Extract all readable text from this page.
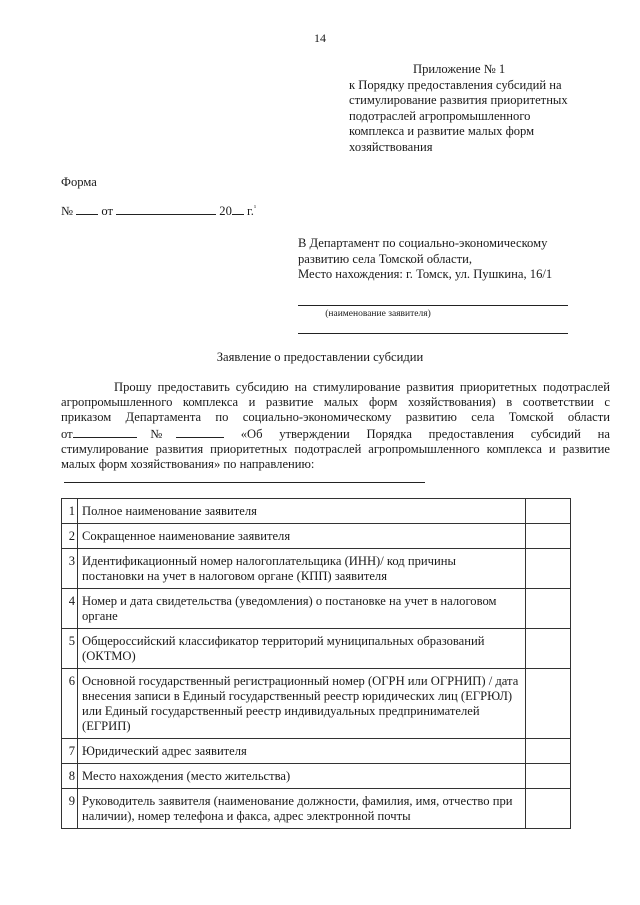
14
Приложение № 1
к Порядку предоставления субсидий на
стимулирование развития приоритетных
подотраслей агропромышленного
комплекса и развитие малых форм
хозяйствования
Форма
№ от	20 г.$^{^1}$
В Департамент по социально-экономическому
развитию села Томской области,
Место нахождения: г. Томск, ул. Пушкина, 16/1
(наименование заявителя)
Заявление о предоставлении субсидии
Прошу предоставить субсидию на стимулирование развития приоритетных подотраслей
агропромышленного комплекса и развитие малых форм хозяйствования) в соответствии с
приказом Департамента по социально-экономическому развитию села Томской области
от	№	«Об утверждении Порядка предоставления субсидий на
стимулирование развития приоритетных подотраслей агропромышленного комплекса и развитие
малых форм хозяйствования» по направлению:
1	Полное наименование заявителя	
2	Сокращенное наименование заявителя	
3	Идентификационный номер налогоплательщика (ИНН)/ код причины постановки на учет в налоговом органе (КПП) заявителя	
4	Номер и дата свидетельства (уведомления) о постановке на учет в налоговом органе	
5	Общероссийский классификатор территорий муниципальных образований (ОКТМО)	
6	Основной государственный регистрационный номер (ОГРН или ОГРНИП) / дата внесения записи в Единый государственный реестр юридических лиц (ЕГРЮЛ) или Единый государственный реестр индивидуальных предпринимателей (ЕГРИП)	
7	Юридический адрес заявителя	
8	Место нахождения (место жительства)	
9	Руководитель заявителя (наименование должности, фамилия, имя, отчество при наличии), номер телефона и факса, адрес электронной почты	
